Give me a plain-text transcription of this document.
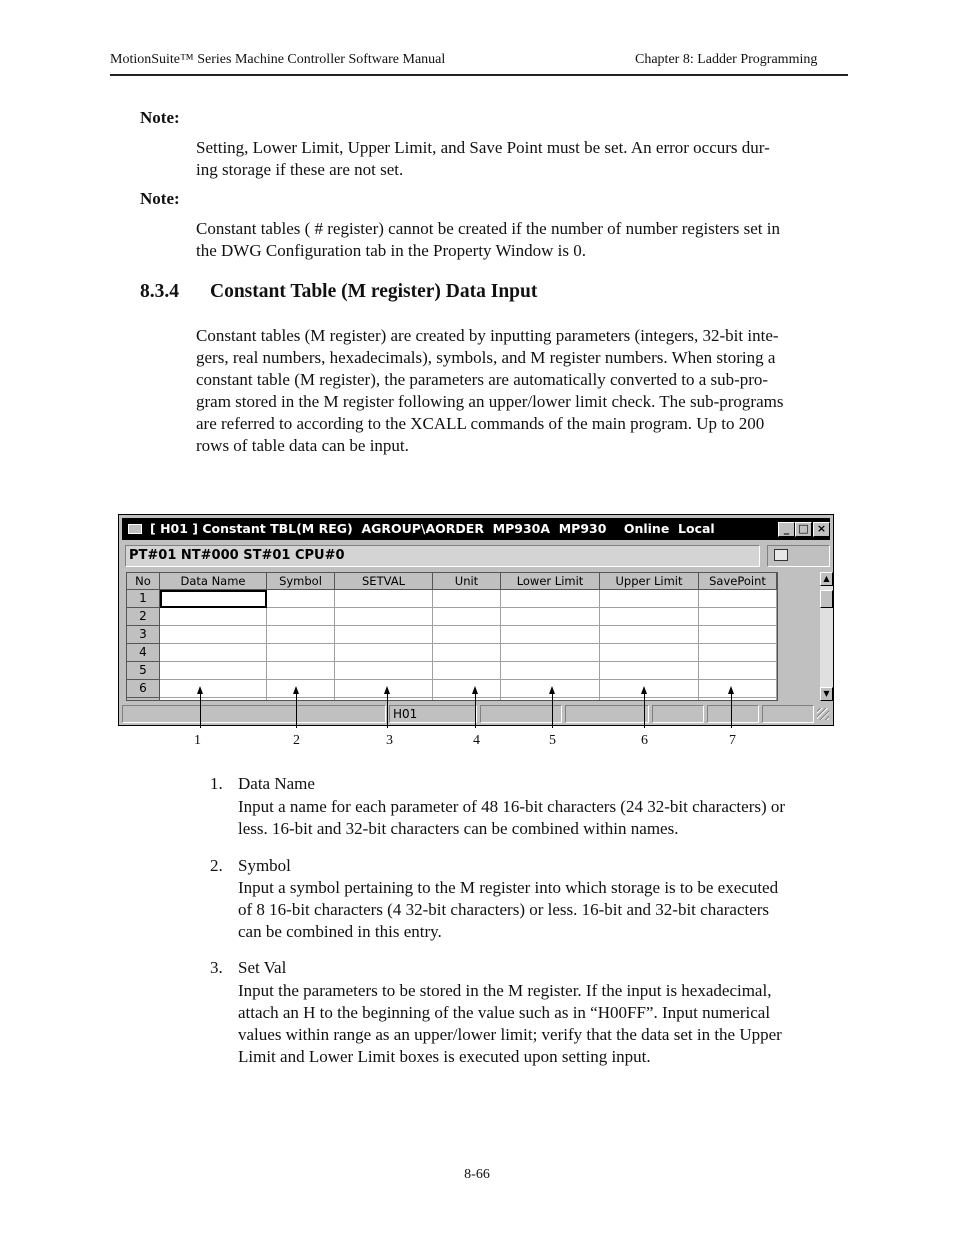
MotionSuite™ Series Machine Controller Software Manual	Chapter 8: Ladder Programming
Note:
Setting, Lower Limit, Upper Limit, and Save Point must be set. An error occurs dur-
ing storage if these are not set.
Note:
Constant tables ( # register) cannot be created if the number of number registers set in
the DWG Configuration tab in the Property Window is 0.
8.3.4 Constant Table (M register) Data Input
Constant tables (M register) are created by inputting parameters (integers, 32-bit inte-
gers, real numbers, hexadecimals), symbols, and M register numbers. When storing a
constant table (M register), the parameters are automatically converted to a sub-pro-
gram stored in the M register following an upper/lower limit check. The sub-programs
are referred to according to the XCALL commands of the main program. Up to 200
rows of table data can be input.
[ H01 ] Constant TBL(M REG)  AGROUP\AORDER  MP930A  MP930    Online  Local	_ □ ×
PT#01 NT#000 ST#01 CPU#0
No	Data Name	Symbol	SETVAL	Unit	Lower Limit	Upper Limit	SavePoint
1
2
3
4
5
6
▲
▼
H01
1	2	3	4	5	6	7
1. Data Name
Input a name for each parameter of 48 16-bit characters (24 32-bit characters) or
less. 16-bit and 32-bit characters can be combined within names.
2. Symbol
Input a symbol pertaining to the M register into which storage is to be executed
of 8 16-bit characters (4 32-bit characters) or less. 16-bit and 32-bit characters
can be combined in this entry.
3. Set Val
Input the parameters to be stored in the M register. If the input is hexadecimal,
attach an H to the beginning of the value such as in “H00FF”. Input numerical
values within range as an upper/lower limit; verify that the data set in the Upper
Limit and Lower Limit boxes is executed upon setting input.
8-66
